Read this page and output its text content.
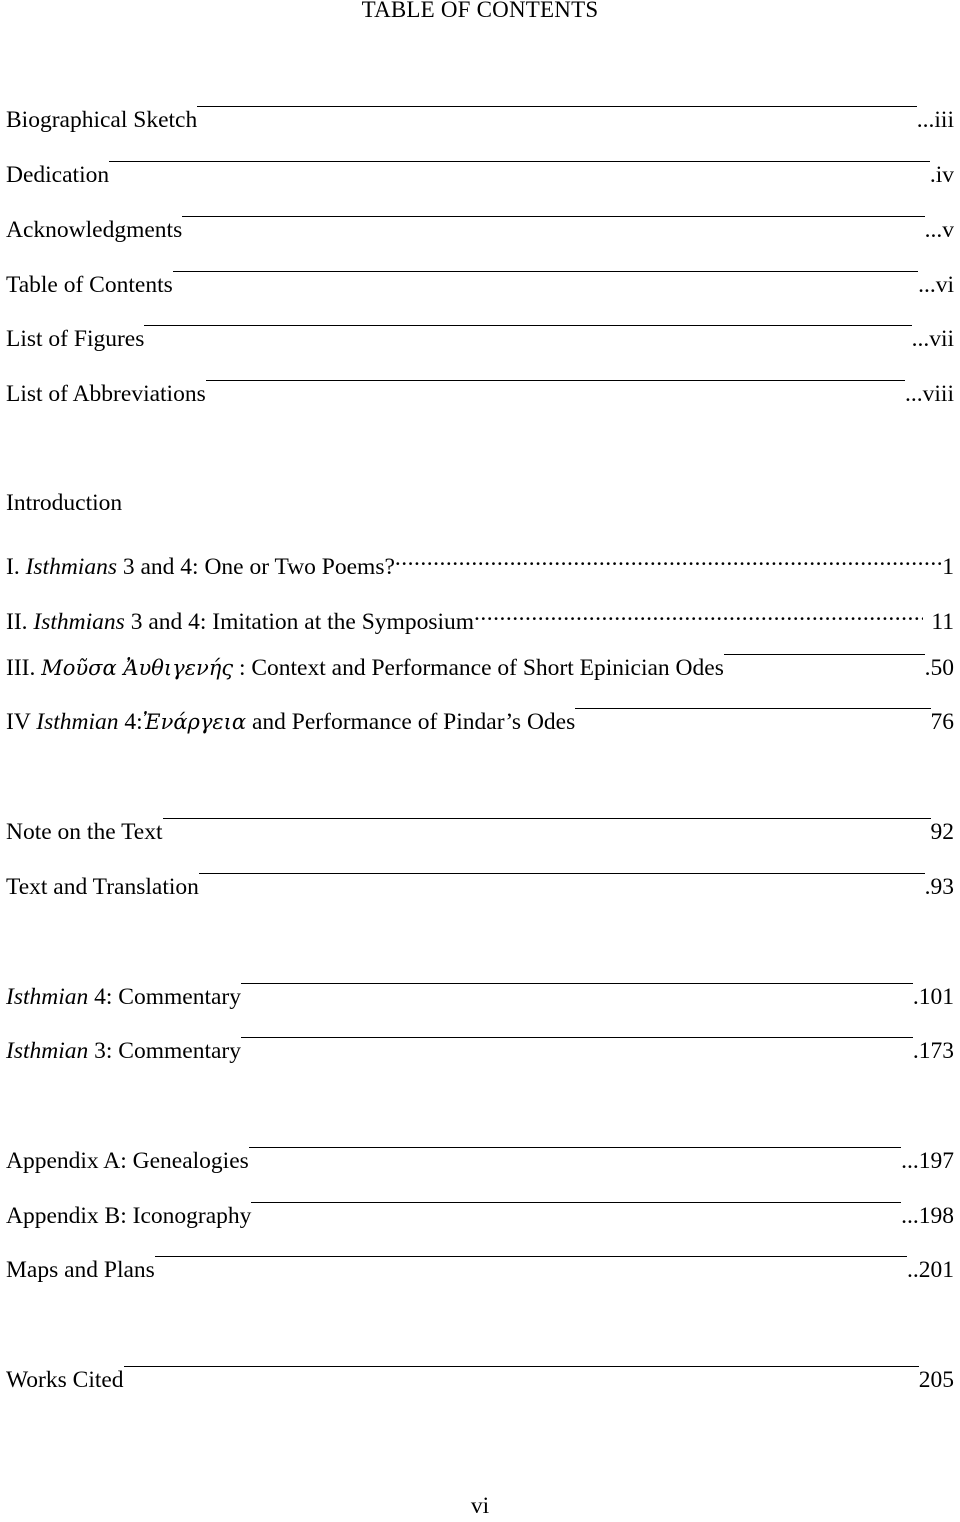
TABLE OF CONTENTS
Biographical Sketch	...iii
Dedication	.iv
Acknowledgments	...v
Table of Contents	...vi
List of Figures	...vii
List of Abbreviations	...viii
Introduction
I. Isthmians 3 and 4: One or Two Poems? .....	1
II. Isthmians 3 and 4: Imitation at the Symposium .....	11
III. Μοῦσα Ἀυθιγενής : Context and Performance of Short Epinician Odes	.50
IV Isthmian 4:Ἐνάργεια and Performance of Pindar’s Odes	76
Note on the Text	92
Text and Translation	.93
Isthmian 4: Commentary	.101
Isthmian 3: Commentary	.173
Appendix A: Genealogies	...197
Appendix B: Iconography	...198
Maps and Plans	..201
Works Cited	205
vi
